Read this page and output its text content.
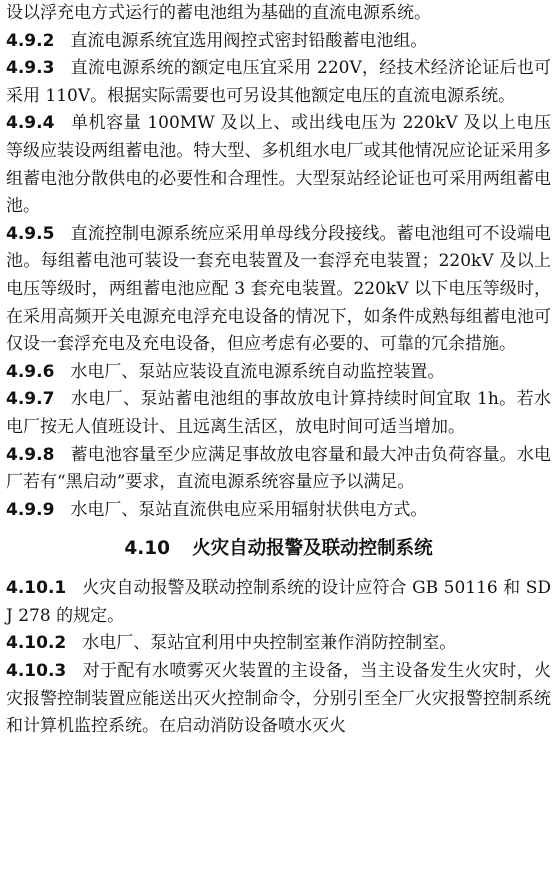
设以浮充电方式运行的蓄电池组为基础的直流电源系统。

4.9.2 直流电源系统宜选用阀控式密封铅酸蓄电池组。

4.9.3 直流电源系统的额定电压宜采用 220V，经技术经济论证后也可采用 110V。根据实际需要也可另设其他额定电压的直流电源系统。

4.9.4 单机容量 100MW 及以上、或出线电压为 220kV 及以上电压等级应装设两组蓄电池。特大型、多机组水电厂或其他情况应论证采用多组蓄电池分散供电的必要性和合理性。大型泵站经论证也可采用两组蓄电池。

4.9.5 直流控制电源系统应采用单母线分段接线。蓄电池组可不设端电池。每组蓄电池可装设一套充电装置及一套浮充电装置；220kV 及以上电压等级时，两组蓄电池应配 3 套充电装置。220kV 以下电压等级时，在采用高频开关电源充电浮充电设备的情况下，如条件成熟每组蓄电池可仅设一套浮充电及充电设备，但应考虑有必要的、可靠的冗余措施。

4.9.6 水电厂、泵站应装设直流电源系统自动监控装置。

4.9.7 水电厂、泵站蓄电池组的事故放电计算持续时间宜取 1h。若水电厂按无人值班设计、且远离生活区，放电时间可适当增加。

4.9.8 蓄电池容量至少应满足事故放电容量和最大冲击负荷容量。水电厂若有“黑启动”要求，直流电源系统容量应予以满足。

4.9.9 水电厂、泵站直流供电应采用辐射状供电方式。

4.10 火灾自动报警及联动控制系统

4.10.1 火灾自动报警及联动控制系统的设计应符合 GB 50116 和 SDJ 278 的规定。

4.10.2 水电厂、泵站宜利用中央控制室兼作消防控制室。

4.10.3 对于配有水喷雾灭火装置的主设备，当主设备发生火灾时，火灾报警控制装置应能送出灭火控制命令，分别引至全厂火灾报警控制系统和计算机监控系统。在启动消防设备喷水灭火
